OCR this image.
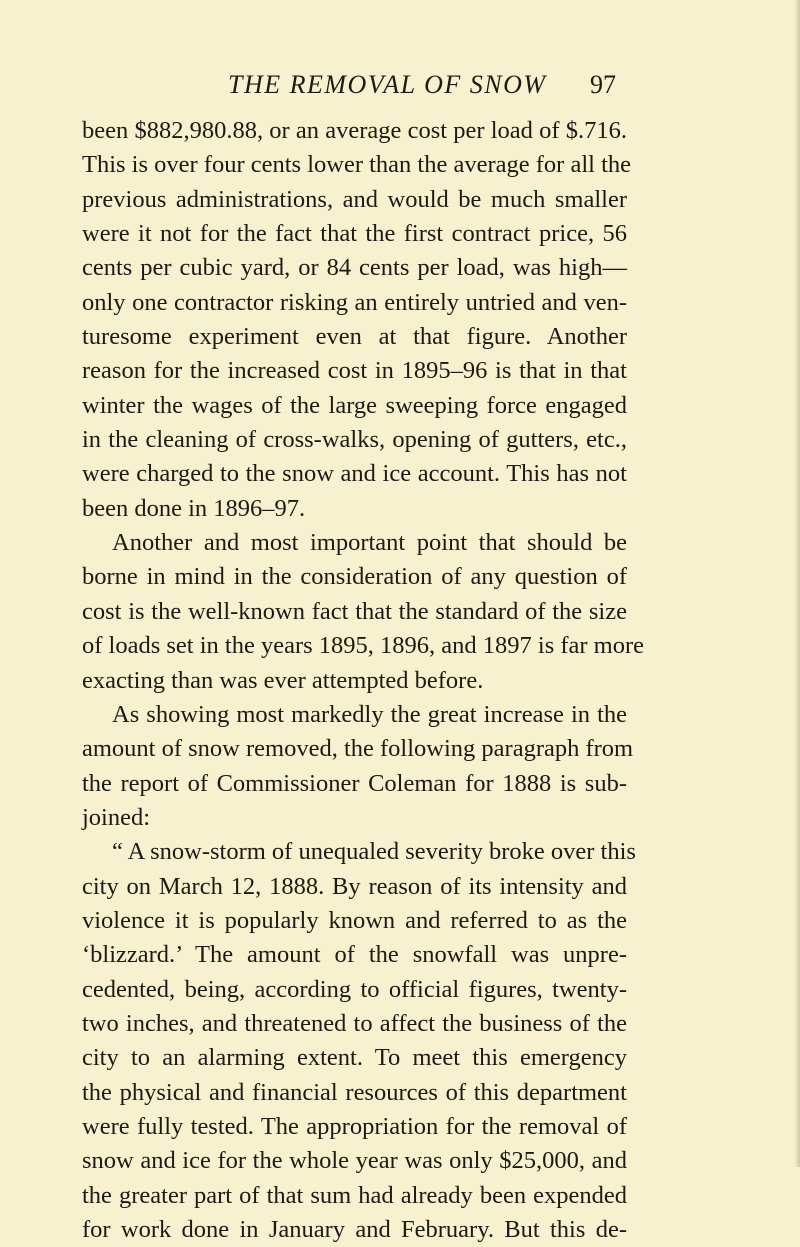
THE REMOVAL OF SNOW 97
been $882,980.88, or an average cost per load of $.716.
This is over four cents lower than the average for all the
previous administrations, and would be much smaller
were it not for the fact that the first contract price, 56
cents per cubic yard, or 84 cents per load, was high—
only one contractor risking an entirely untried and ven-
turesome experiment even at that figure. Another
reason for the increased cost in 1895–96 is that in that
winter the wages of the large sweeping force engaged
in the cleaning of cross-walks, opening of gutters, etc.,
were charged to the snow and ice account. This has not
been done in 1896–97.
Another and most important point that should be
borne in mind in the consideration of any question of
cost is the well-known fact that the standard of the size
of loads set in the years 1895, 1896, and 1897 is far more
exacting than was ever attempted before.
As showing most markedly the great increase in the
amount of snow removed, the following paragraph from
the report of Commissioner Coleman for 1888 is sub-
joined:
“ A snow-storm of unequaled severity broke over this
city on March 12, 1888. By reason of its intensity and
violence it is popularly known and referred to as the
‘blizzard.’ The amount of the snowfall was unpre-
cedented, being, according to official figures, twenty-
two inches, and threatened to affect the business of the
city to an alarming extent. To meet this emergency
the physical and financial resources of this department
were fully tested. The appropriation for the removal of
snow and ice for the whole year was only $25,000, and
the greater part of that sum had already been expended
for work done in January and February. But this de-
